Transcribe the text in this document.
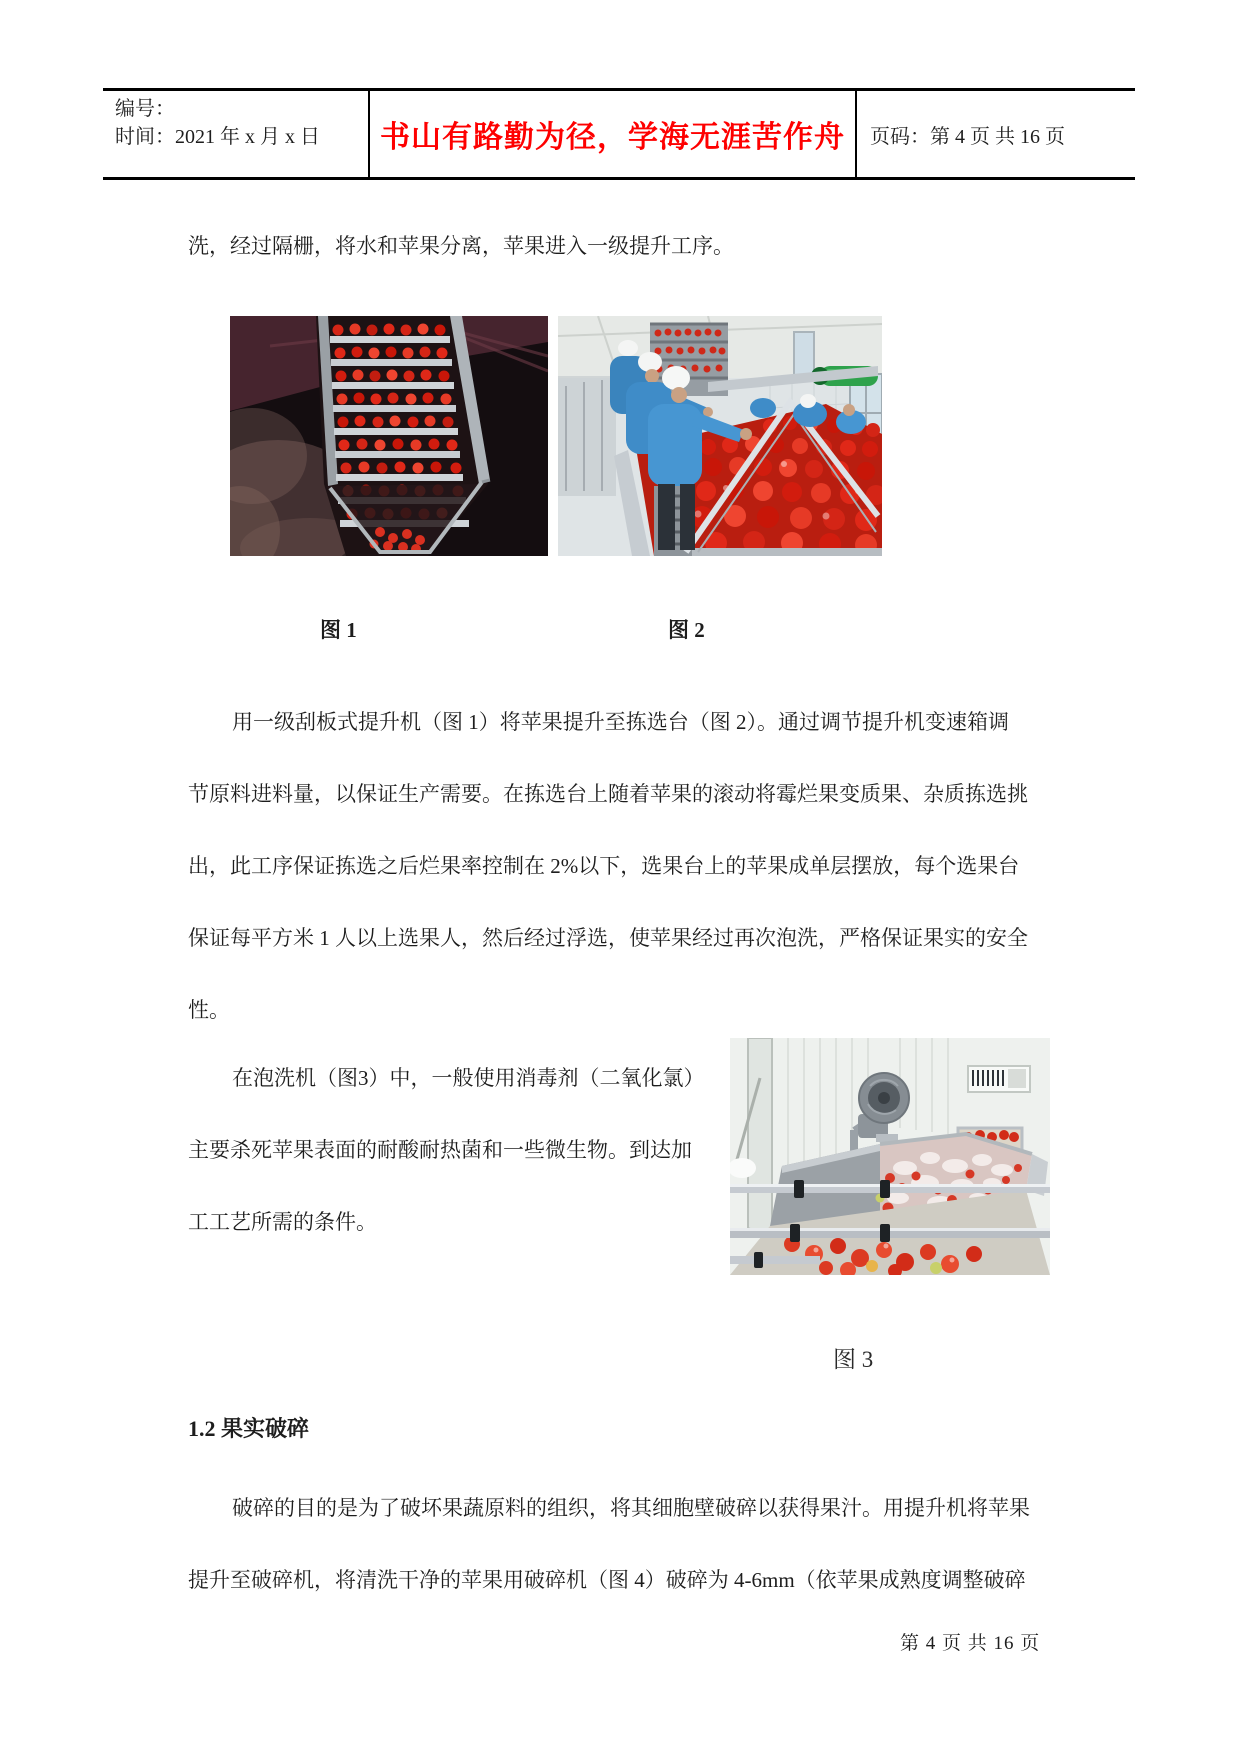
编号：
时间：2021 年 x 月 x 日	书山有路勤为径，学海无涯苦作舟	页码：第 4 页 共 16 页
洗，经过隔栅，将水和苹果分离，苹果进入一级提升工序。
图 1	图 2
用一级刮板式提升机（图 1）将苹果提升至拣选台（图 2）。通过调节提升机变速箱调
节原料进料量，以保证生产需要。在拣选台上随着苹果的滚动将霉烂果变质果、杂质拣选挑
出，此工序保证拣选之后烂果率控制在 2%以下，选果台上的苹果成单层摆放，每个选果台
保证每平方米 1 人以上选果人，然后经过浮选，使苹果经过再次泡洗，严格保证果实的安全
性。
在泡洗机（图3）中，一般使用消毒剂（二氧化氯）
主要杀死苹果表面的耐酸耐热菌和一些微生物。到达加
工工艺所需的条件。
图 3
1.2 果实破碎
破碎的目的是为了破坏果蔬原料的组织，将其细胞壁破碎以获得果汁。用提升机将苹果
提升至破碎机，将清洗干净的苹果用破碎机（图 4）破碎为 4-6mm（依苹果成熟度调整破碎
第 4 页 共 16 页
